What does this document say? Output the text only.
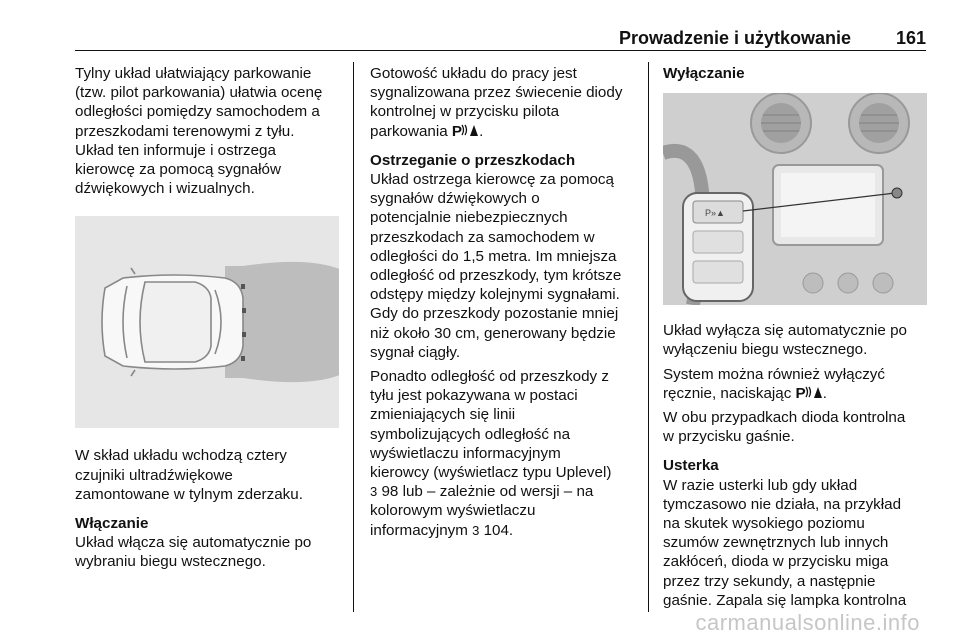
Prowadzenie i użytkowanie 161

Tylny układ ułatwiający parkowanie

(tzw. pilot parkowania) ułatwia ocenę

odległości pomiędzy samochodem a

przeszkodami terenowymi z tyłu.

Układ ten informuje i ostrzega

kierowcę za pomocą sygnałów

dźwiękowych i wizualnych.

W skład układu wchodzą cztery

czujniki ultradźwiękowe

zamontowane w tylnym zderzaku.

Włączanie

Układ włącza się automatycznie po

wybraniu biegu wstecznego.

Gotowość układu do pracy jest

sygnalizowana przez świecenie diody

kontrolnej w przycisku pilota

parkowania P .

Ostrzeganie o przeszkodach

Układ ostrzega kierowcę za pomocą

sygnałów dźwiękowych o

potencjalnie niebezpiecznych

przeszkodach za samochodem w

odległości do 1,5 metra. Im mniejsza

odległość od przeszkody, tym krótsze

odstępy między kolejnymi sygnałami.

Gdy do przeszkody pozostanie mniej

niż około 30 cm, generowany będzie

sygnał ciągły.

Ponadto odległość od przeszkody z

tyłu jest pokazywana w postaci

zmieniających się linii

symbolizujących odległość na

wyświetlaczu informacyjnym

kierowcy (wyświetlacz typu Uplevel)

3 98 lub – zależnie od wersji – na

kolorowym wyświetlaczu

informacyjnym 3 104.

Wyłączanie

P»▲

Układ wyłącza się automatycznie po

wyłączeniu biegu wstecznego.

System można również wyłączyć

ręcznie, naciskając P .

W obu przypadkach dioda kontrolna

w przycisku gaśnie.

Usterka

W razie usterki lub gdy układ

tymczasowo nie działa, na przykład

na skutek wysokiego poziomu

szumów zewnętrznych lub innych

zakłóceń, dioda w przycisku miga

przez trzy sekundy, a następnie

gaśnie. Zapala się lampka kontrolna

carmanualsonline.info
